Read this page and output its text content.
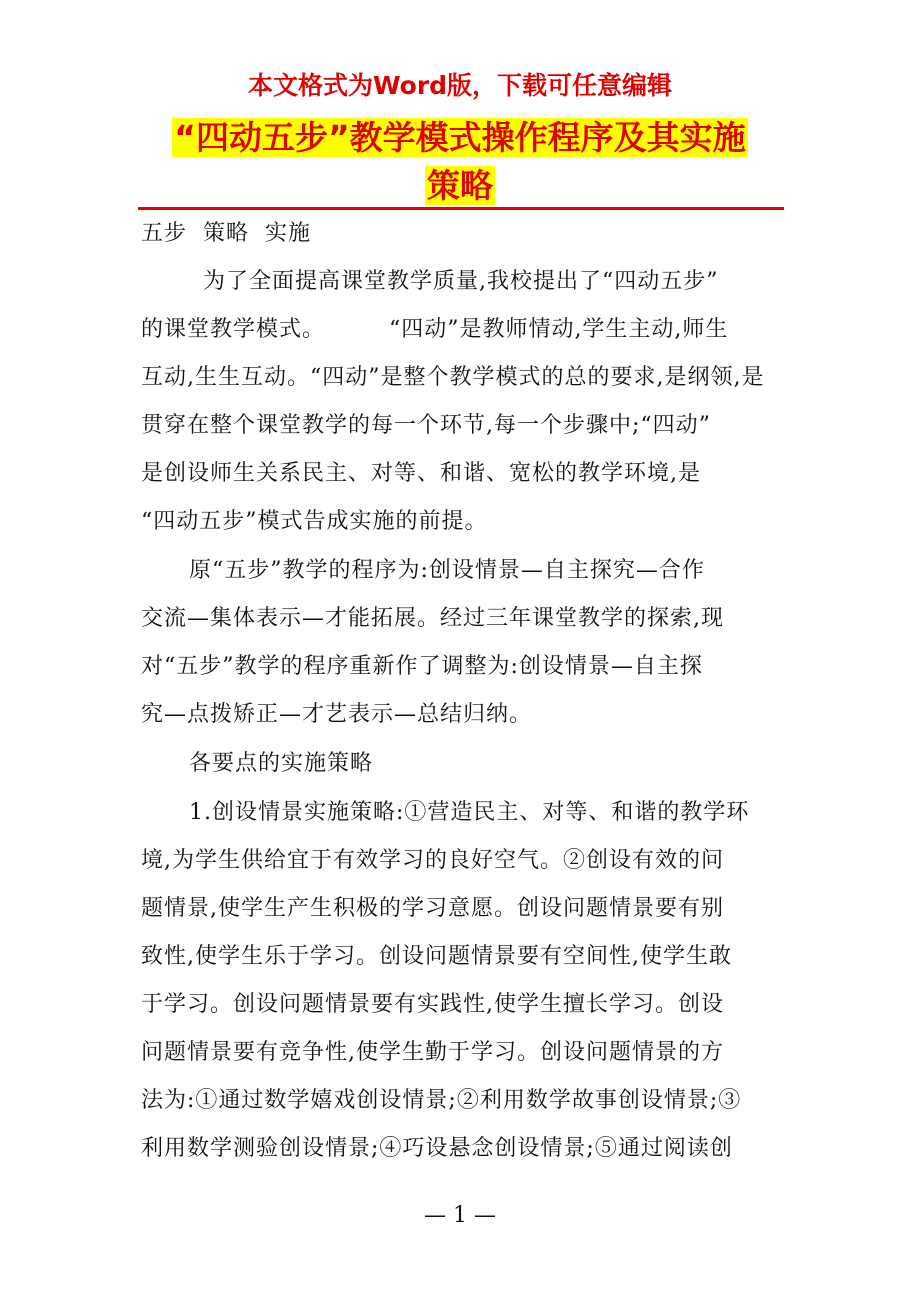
本文格式为Word版，下载可任意编辑
“四动五步”教学模式操作程序及其实施
策略
五步  策略  实施
为了全面提高课堂教学质量,我校提出了“四动五步”
的课堂教学模式。        “四动”是教师情动,学生主动,师生
互动,生生互动。“四动”是整个教学模式的总的要求,是纲领,是
贯穿在整个课堂教学的每一个环节,每一个步骤中;“四动”
是创设师生关系民主、对等、和谐、宽松的教学环境,是
“四动五步”模式告成实施的前提。
原“五步”教学的程序为:创设情景—自主探究—合作
交流—集体表示—才能拓展。经过三年课堂教学的探索,现
对“五步”教学的程序重新作了调整为:创设情景—自主探
究—点拨矫正—才艺表示—总结归纳。
各要点的实施策略
1.创设情景实施策略:①营造民主、对等、和谐的教学环
境,为学生供给宜于有效学习的良好空气。②创设有效的问
题情景,使学生产生积极的学习意愿。创设问题情景要有别
致性,使学生乐于学习。创设问题情景要有空间性,使学生敢
于学习。创设问题情景要有实践性,使学生擅长学习。创设
问题情景要有竞争性,使学生勤于学习。创设问题情景的方
法为:①通过数学嬉戏创设情景;②利用数学故事创设情景;③
利用数学测验创设情景;④巧设悬念创设情景;⑤通过阅读创
— 1 —
